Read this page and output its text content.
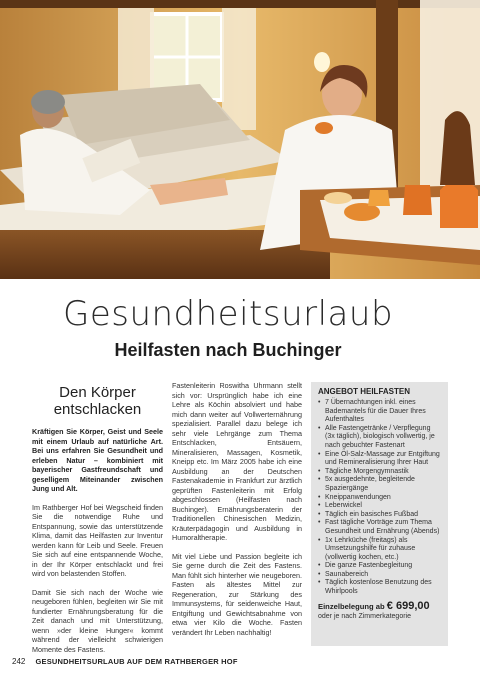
Gesundheitsurlaub
Heilfasten nach Buchinger
Den Körper
entschlacken

Kräftigen Sie Körper, Geist und Seele mit einem Urlaub auf natürliche Art. Bei uns erfahren Sie Gesundheit und erleben Natur – kombiniert mit bayerischer Gastfreundschaft und geselligem Miteinander zwischen Jung und Alt.

Im Rathberger Hof bei Wegscheid finden Sie die notwendige Ruhe und Entspannung, sowie das unterstützende Klima, damit das Heilfasten zur Inventur werden kann für Leib und Seele. Freuen Sie sich auf eine entspannende Woche, in der Ihr Körper entschlackt und frei wird von belastenden Stoffen.

Damit Sie sich nach der Woche wie neugeboren fühlen, begleiten wir Sie mit fundierter Ernährungsberatung für die Zeit danach und mit Unterstützung, wenn »der kleine Hunger« kommt während der vielleicht schwierigen Momente des Fastens.

Fastenleiterin Roswitha Uhrmann stellt sich vor: Ursprünglich habe ich eine Lehre als Köchin absolviert und habe mich dann weiter auf Vollwerternährung spezialisiert. Parallel dazu belege ich sehr viele Lehrgänge zum Thema Entschlacken, Entsäuern, Mineralisieren, Massagen, Kosmetik, Kneipp etc. Im März 2005 habe ich eine Ausbildung an der Deutschen Fastenakademie in Frankfurt zur ärztlich geprüften Fastenleiterin mit Erfolg abgeschlossen (Heilfasten nach Buchinger). Ernährungsberaterin der Traditionellen Chinesischen Medizin, Kräuterpädagogin und Ausbildung in Humoraltherapie.

Mit viel Liebe und Passion begleite ich Sie gerne durch die Zeit des Fastens. Man fühlt sich hinterher wie neugeboren. Fasten als ältestes Mittel zur Regeneration, zur Stärkung des Immunsystems, für seidenweiche Haut, Entgiftung und Gewichtsabnahme von etwa vier Kilo die Woche. Fasten verändert Ihr Leben nachhaltig!

ANGEBOT HEILFASTEN
• 7 Übernachtungen inkl. eines Bademantels für die Dauer Ihres Aufenthaltes
• Alle Fastengetränke / Verpflegung (3x täglich), biologisch vollwertig, je nach gebuchter Fastenart
• Eine Öl-Salz-Massage zur Entgiftung und Remineralisierung Ihrer Haut
• Tägliche Morgengymnastik
• 5x ausgedehnte, begleitende Spaziergänge
• Kneippanwendungen
• Leberwickel
• Täglich ein basisches Fußbad
• Fast tägliche Vorträge zum Thema Gesundheit und Ernährung (Abends)
• 1x Lehrküche (freitags) als Umsetzungshilfe für zuhause (vollwertig kochen, etc.)
• Die ganze Fastenbegleitung
• Saunabereich
• Täglich kostenlose Benutzung des Whirlpools
Einzelbelegung ab € 699,00
oder je nach Zimmerkategorie
242 GESUNDHEITSURLAUB AUF DEM RATHBERGER HOF
